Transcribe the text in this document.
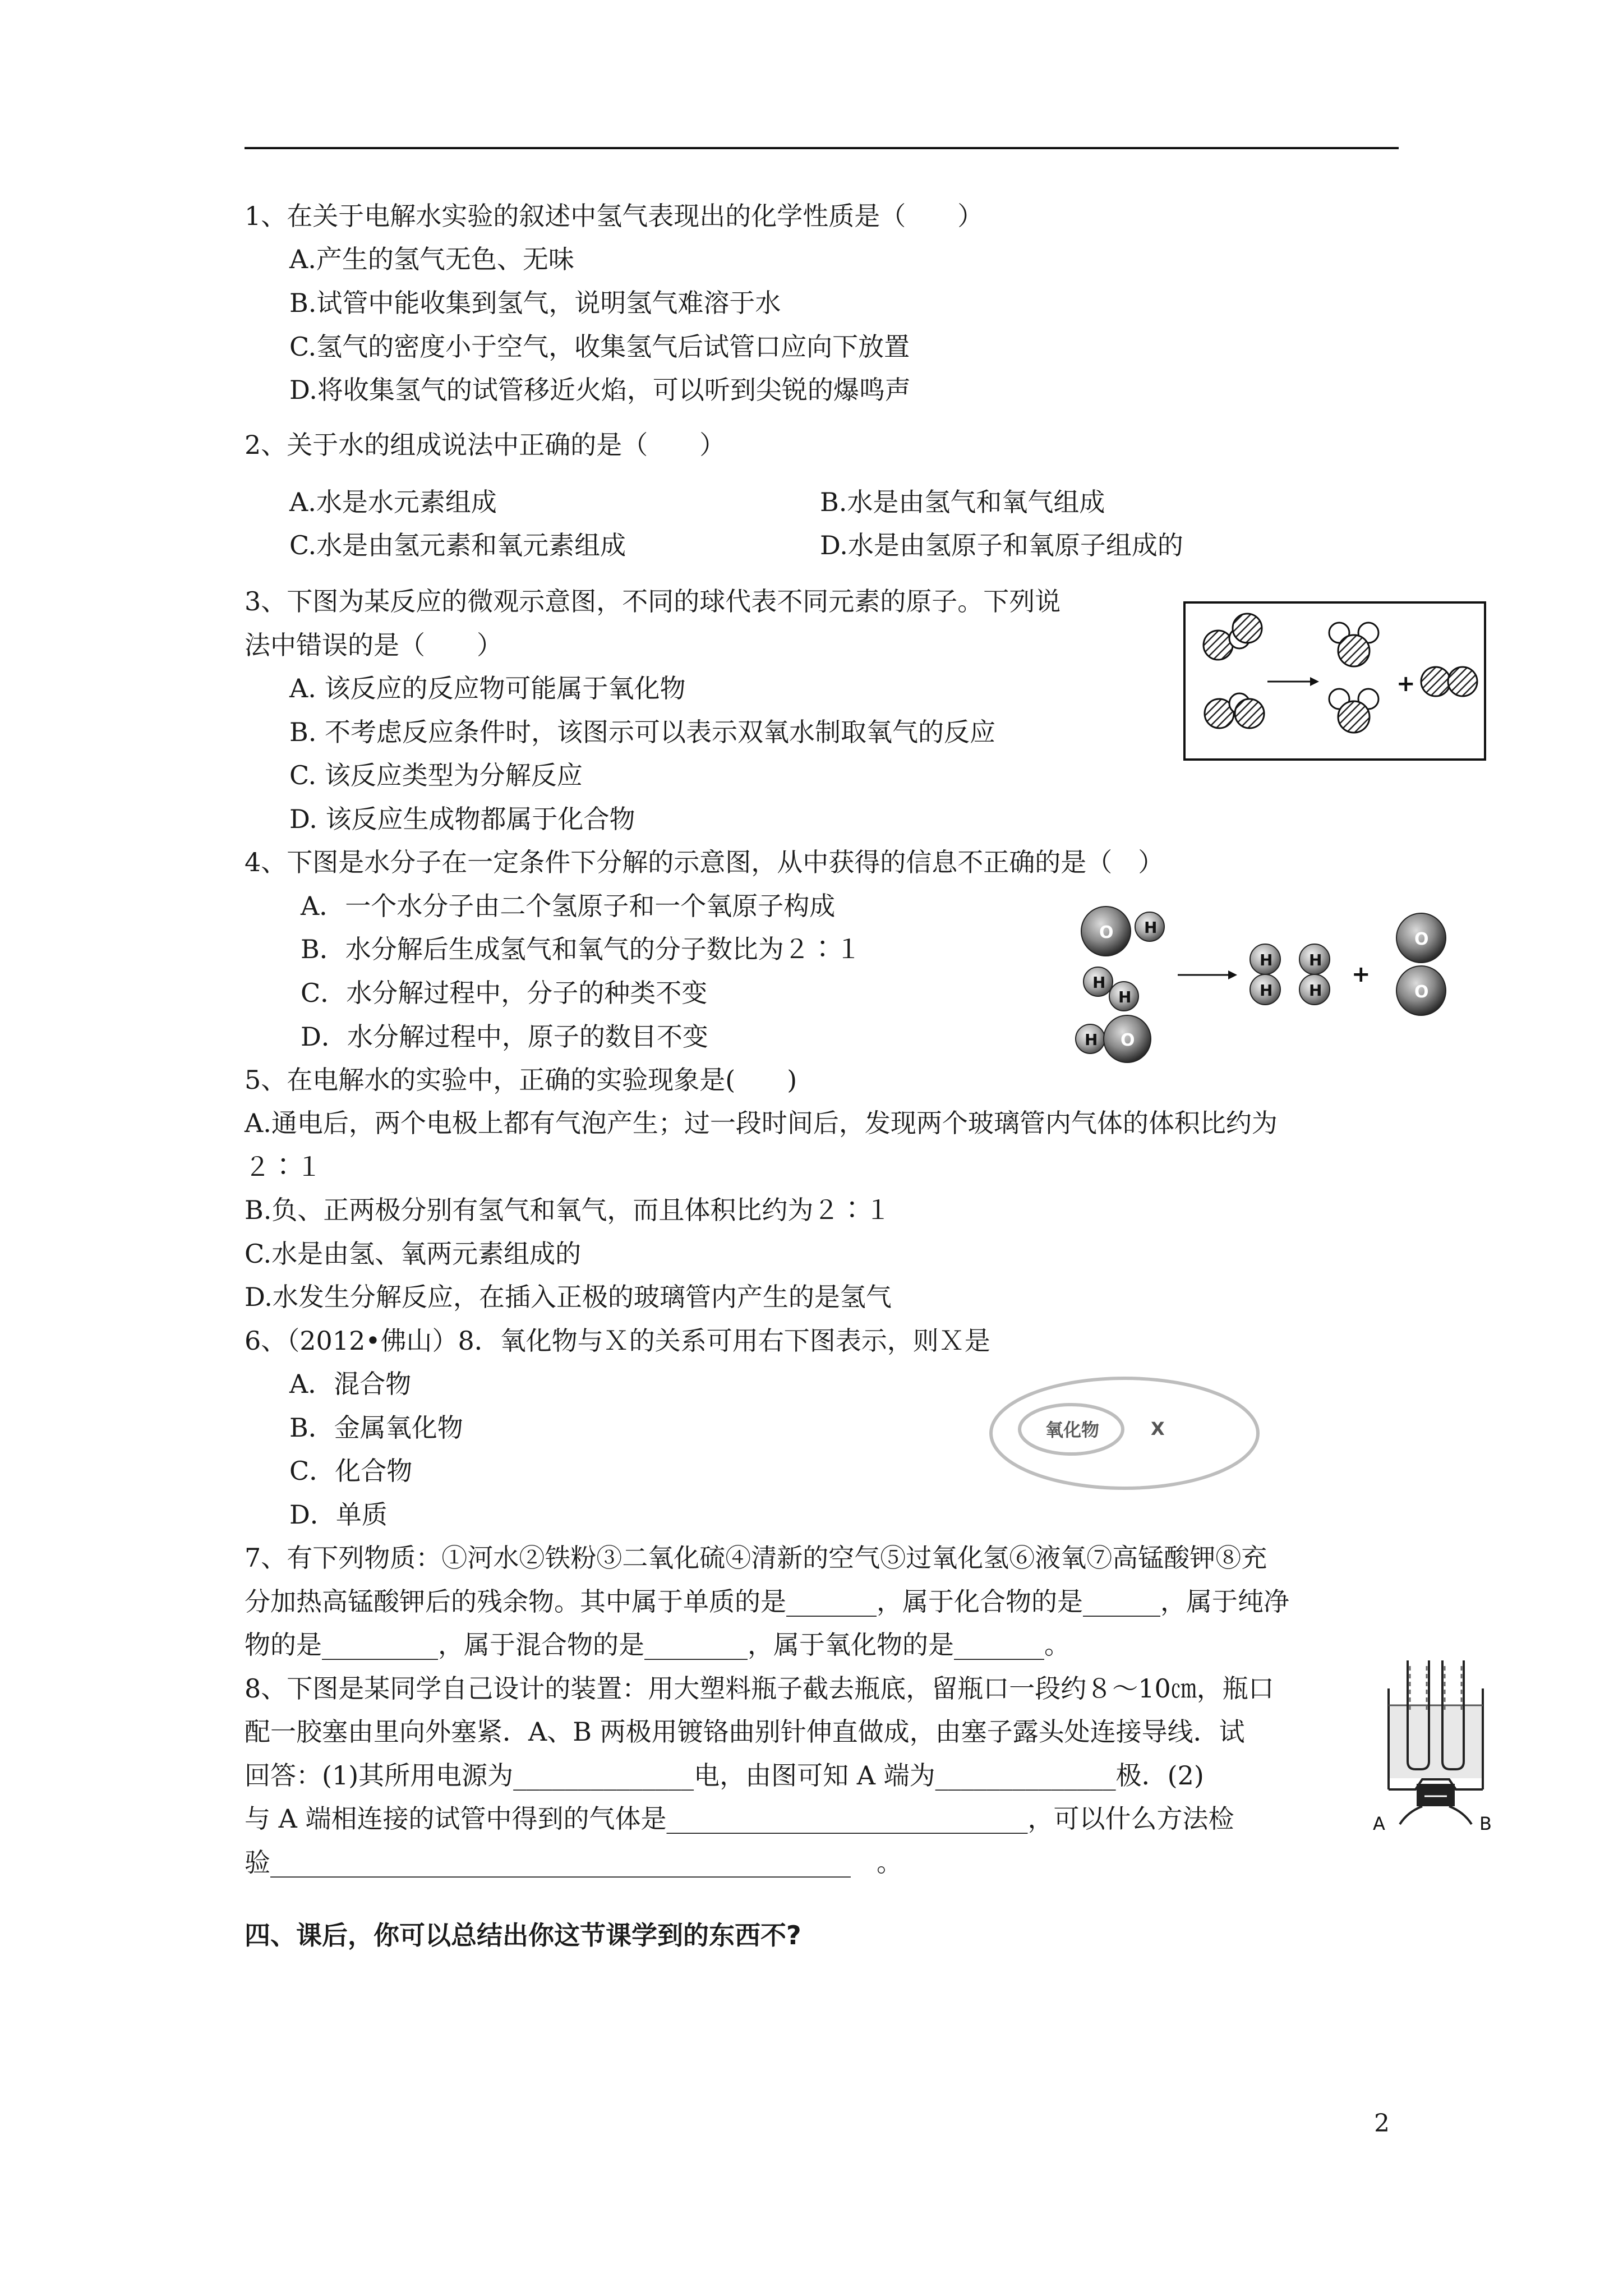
1、在关于电解水实验的叙述中氢气表现出的化学性质是（　　）
A.产生的氢气无色、无味
B.试管中能收集到氢气，说明氢气难溶于水
C.氢气的密度小于空气，收集氢气后试管口应向下放置
D.将收集氢气的试管移近火焰，可以听到尖锐的爆鸣声
2、关于水的组成说法中正确的是（　　）
A.水是水元素组成	B.水是由氢气和氧气组成
C.水是由氢元素和氧元素组成	D.水是由氢原子和氧原子组成的
3、下图为某反应的微观示意图，不同的球代表不同元素的原子。下列说
法中错误的是（　　）
A. 该反应的反应物可能属于氧化物
B. 不考虑反应条件时，该图示可以表示双氧水制取氧气的反应
C. 该反应类型为分解反应
D. 该反应生成物都属于化合物
+
4、下图是水分子在一定条件下分解的示意图，从中获得的信息不正确的是（　）
A．一个水分子由二个氢原子和一个氧原子构成
B．水分解后生成氢气和氧气的分子数比为２∶１
C．水分解过程中，分子的种类不变
D．水分解过程中，原子的数目不变
O H
H
H
H O
H
H
H
H
+
O
O
5、在电解水的实验中，正确的实验现象是(　　)
A.通电后，两个电极上都有气泡产生；过一段时间后，发现两个玻璃管内气体的体积比约为
２∶１
B.负、正两极分别有氢气和氧气，而且体积比约为２∶１
C.水是由氢、氧两元素组成的
D.水发生分解反应，在插入正极的玻璃管内产生的是氢气
6、（2012•佛山）8．氧化物与Ｘ的关系可用右下图表示，则Ｘ是
A．混合物
B．金属氧化物
C．化合物
D．单质
氧化物	X
7、有下列物质：①河水②铁粉③二氧化硫④清新的空气⑤过氧化氢⑥液氧⑦高锰酸钾⑧充
分加热高锰酸钾后的残余物。其中属于单质的是_______，属于化合物的是______，属于纯净
物的是_________，属于混合物的是________，属于氧化物的是_______。
8、下图是某同学自己设计的装置：用大塑料瓶子截去瓶底，留瓶口一段约８～10㎝，瓶口
配一胶塞由里向外塞紧．A、B 两极用镀铬曲别针伸直做成，由塞子露头处连接导线．试
回答：(1)其所用电源为______________电，由图可知 A 端为______________极．(2)
与 A 端相连接的试管中得到的气体是____________________________，可以什么方法检
验_____________________________________________　。
A	B
四、课后，你可以总结出你这节课学到的东西不?
2
